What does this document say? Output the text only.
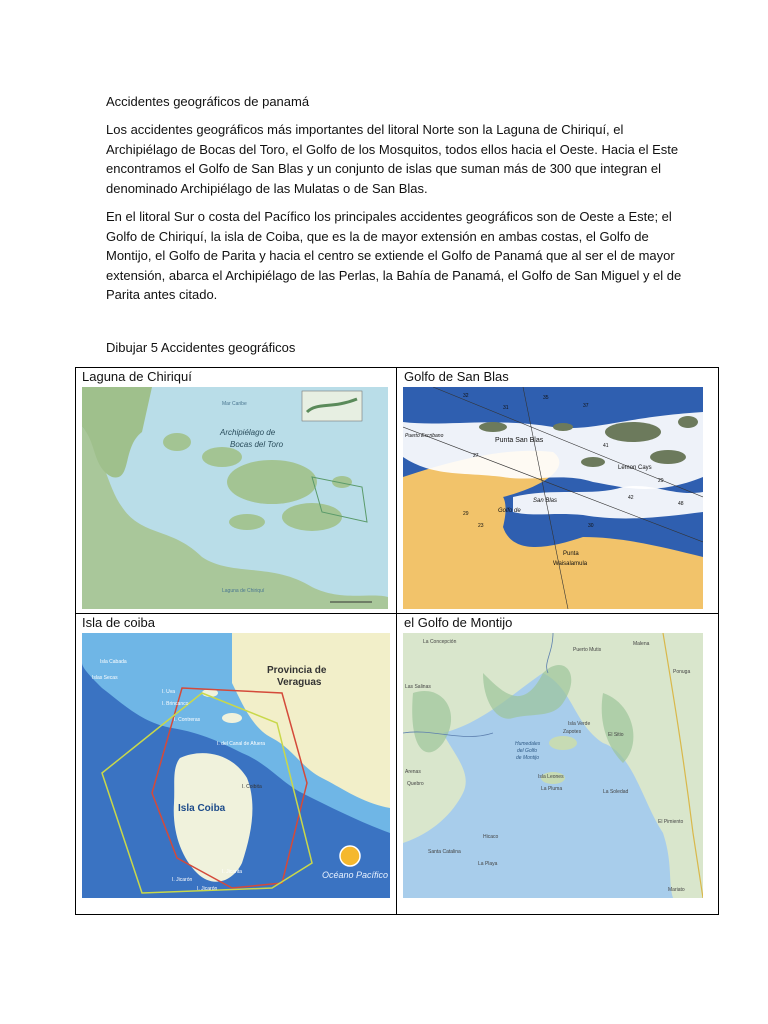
Accidentes geográficos de panamá
Los accidentes geográficos más importantes del litoral Norte son la Laguna de Chiriquí, el Archipiélago de Bocas del Toro, el Golfo de los Mosquitos, todos ellos hacia el Oeste. Hacia el Este encontramos el Golfo de San Blas y un conjunto de islas que suman más de 300 que integran el denominado Archipiélago de las Mulatas o de San Blas.
En el litoral Sur o costa del Pacífico los principales accidentes geográficos son de Oeste a Este; el Golfo de Chiriquí, la isla de Coiba, que es la de mayor extensión en ambas costas, el Golfo de Montijo, el Golfo de Parita y hacia el centro se extiende el Golfo de Panamá que al ser el de mayor extensión, abarca el Archipiélago de las Perlas, la Bahía de Panamá, el Golfo de San Miguel y el de Parita antes citado.
Dibujar 5 Accidentes geográficos
Laguna de Chiriquí
Archipiélago de
Bocas del Toro
Mar Caribe
Laguna de Chiriquí
Golfo de San Blas
Punta San Blas
Puerto Escribano
Lemon Cays
Golfo de
San Blas
Punta
Waisalamula
32
31
35
37
29
27
41
42
48
23
29
30
Isla de coiba
Provincia de
Veraguas
Isla Coiba
Océano Pacífico
Isla Cabada
Islas Secas
I. Jicarón
I. Contreras
I. del Canal de Afuera
I. Jicarita
I. Brincanco
I. Uva
I. Coibita
I. Jicarón
el Golfo de Montijo
Humedales
del Golfo
de Montijo
La Concepción
Puerto Mutis
Las Salinas
Isla Verde
El Sitio
Isla Leones
La Pluma
Santa Catalina
La Playa
Hicaco
Mariato
Ponuga
El Pimiento
Malena
Zapotes
Arenas
Quebro
La Soledad
